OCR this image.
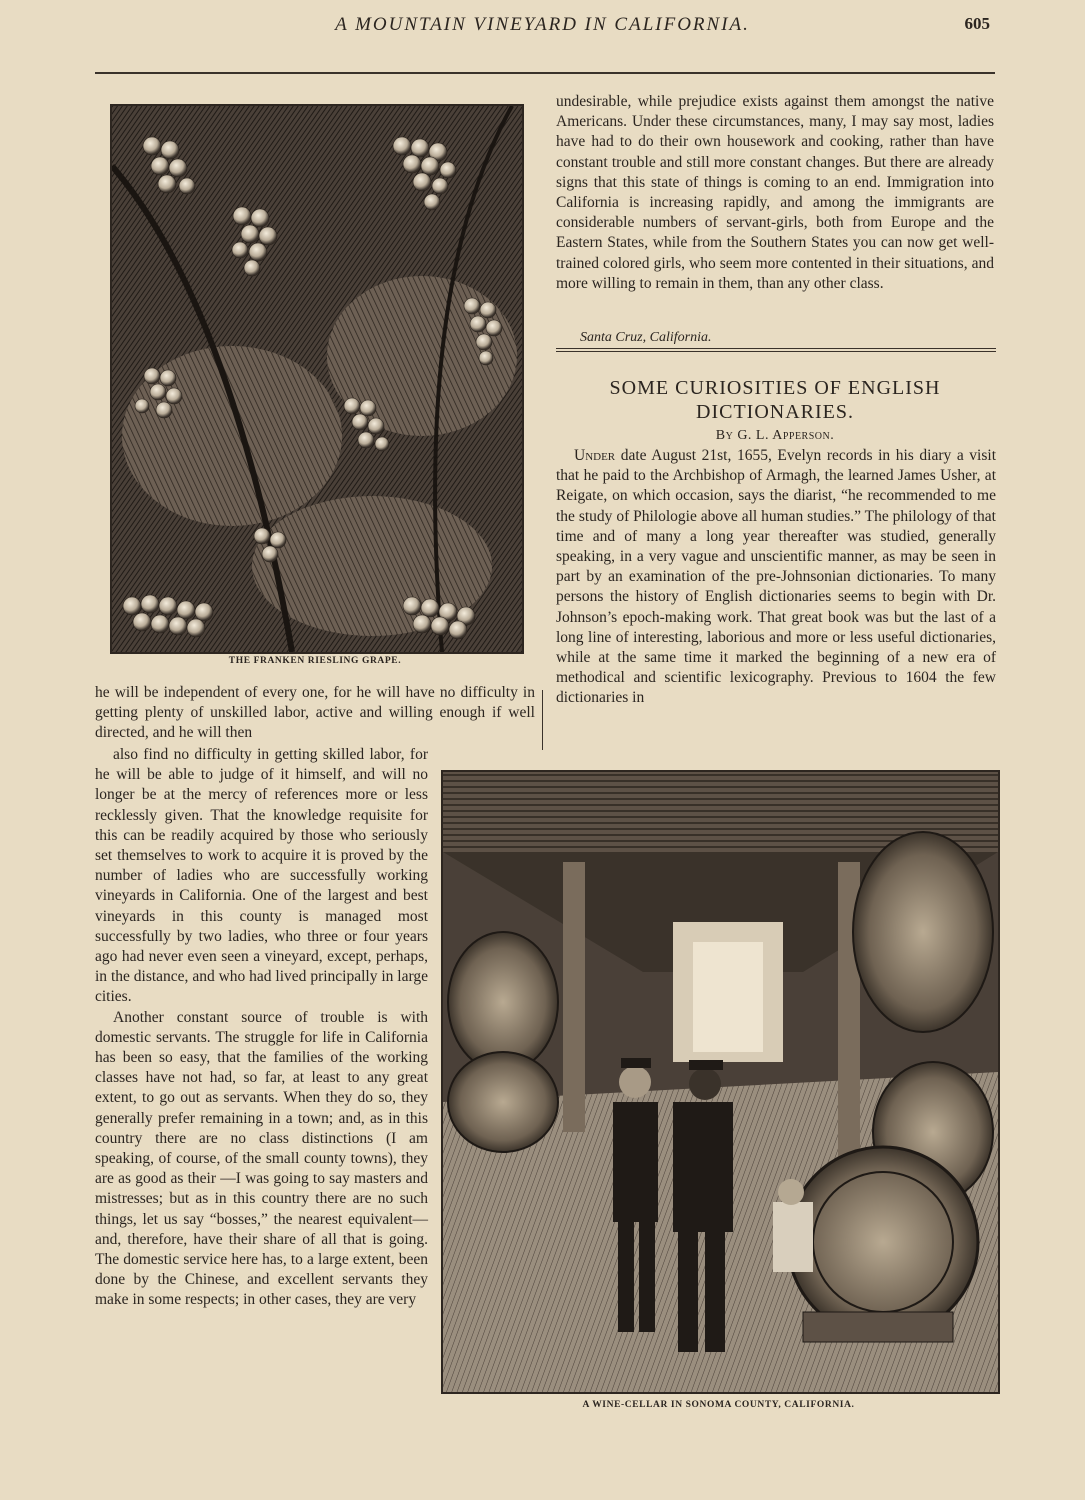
A MOUNTAIN VINEYARD IN CALIFORNIA.	605
THE FRANKEN RIESLING GRAPE.

undesirable, while prejudice exists against them amongst the native Americans. Under these circumstances, many, I may say most, ladies have had to do their own housework and cooking, rather than have constant trouble and still more constant changes. But there are already signs that this state of things is coming to an end. Immigration into California is increasing rapidly, and among the immigrants are considerable numbers of servant-girls, both from Europe and the Eastern States, while from the Southern States you can now get well-trained colored girls, who seem more contented in their situations, and more willing to remain in them, than any other class.

Santa Cruz, California.
SOME CURIOSITIES OF ENGLISH
DICTIONARIES.
By G. L. Apperson.

Under date August 21st, 1655, Evelyn records in his diary a visit that he paid to the Archbishop of Armagh, the learned James Usher, at Reigate, on which occasion, says the diarist, “he recommended to me the study of Philologie above all human studies.” The philology of that time and of many a long year thereafter was studied, generally speaking, in a very vague and unscientific manner, as may be seen in part by an examination of the pre-Johnsonian dictionaries. To many persons the history of English dictionaries seems to begin with Dr. Johnson’s epoch-making work. That great book was but the last of a long line of interesting, laborious and more or less useful dictionaries, while at the same time it marked the beginning of a new era of methodical and scientific lexicography. Previous to 1604 the few dictionaries in

he will be independent of every one, for he will have no difficulty in getting plenty of unskilled labor, active and willing enough if well directed, and he will then

also find no difficulty in getting skilled labor, for he will be able to judge of it himself, and will no longer be at the mercy of references more or less recklessly given. That the knowledge requisite for this can be readily acquired by those who seriously set themselves to work to acquire it is proved by the number of ladies who are successfully working vineyards in California. One of the largest and best vineyards in this county is managed most successfully by two ladies, who three or four years ago had never even seen a vineyard, except, perhaps, in the distance, and who had lived principally in large cities.

Another constant source of trouble is with domestic servants. The struggle for life in California has been so easy, that the families of the working classes have not had, so far, at least to any great extent, to go out as servants. When they do so, they generally prefer remaining in a town; and, as in this country there are no class distinctions (I am speaking, of course, of the small county towns), they are as good as their —I was going to say masters and mistresses; but as in this country there are no such things, let us say “bosses,” the nearest equivalent—and, therefore, have their share of all that is going. The domestic service here has, to a large extent, been done by the Chinese, and excellent servants they make in some respects; in other cases, they are very

A WINE-CELLAR IN SONOMA COUNTY, CALIFORNIA.
